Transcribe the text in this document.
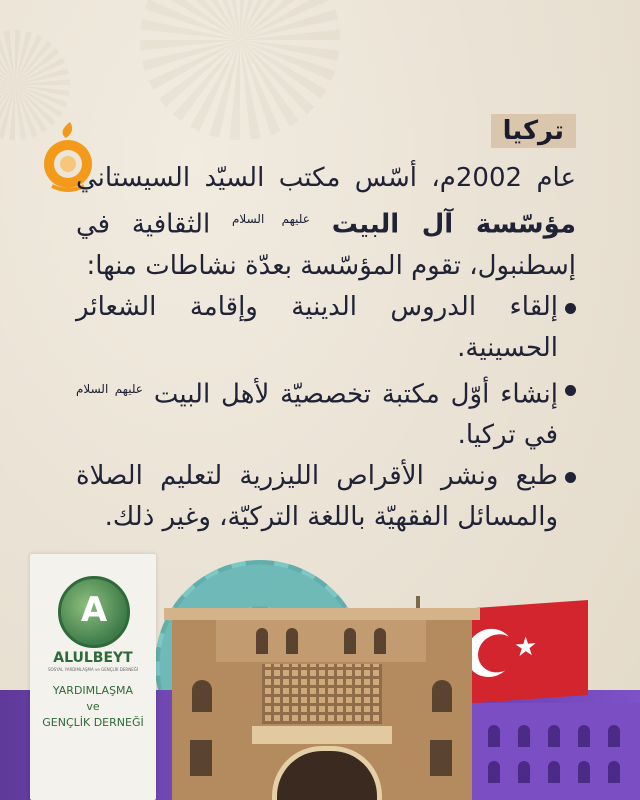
تركيا

عام 2002م، أسّس مكتب السيّد السيستاني مؤسّسة آل البيت $^{عليهم السلام}$ الثقافية في إسطنبول، تقوم المؤسّسة بعدّة نشاطات منها:

إلقاء الدروس الدينية وإقامة الشعائر الحسينية.
إنشاء أوّل مكتبة تخصصيّة لأهل البيت $^{عليهم السلام}$ في تركيا.
طبع ونشر الأقراص الليزرية لتعليم الصلاة والمسائل الفقهيّة باللغة التركيّة، وغير ذلك.
★
A
ALULBEYT
SOSYAL YARDIMLAŞMA ve GENÇLİK DERNEĞİ
YARDIMLAŞMA
ve
GENÇLİK DERNEĞİ
